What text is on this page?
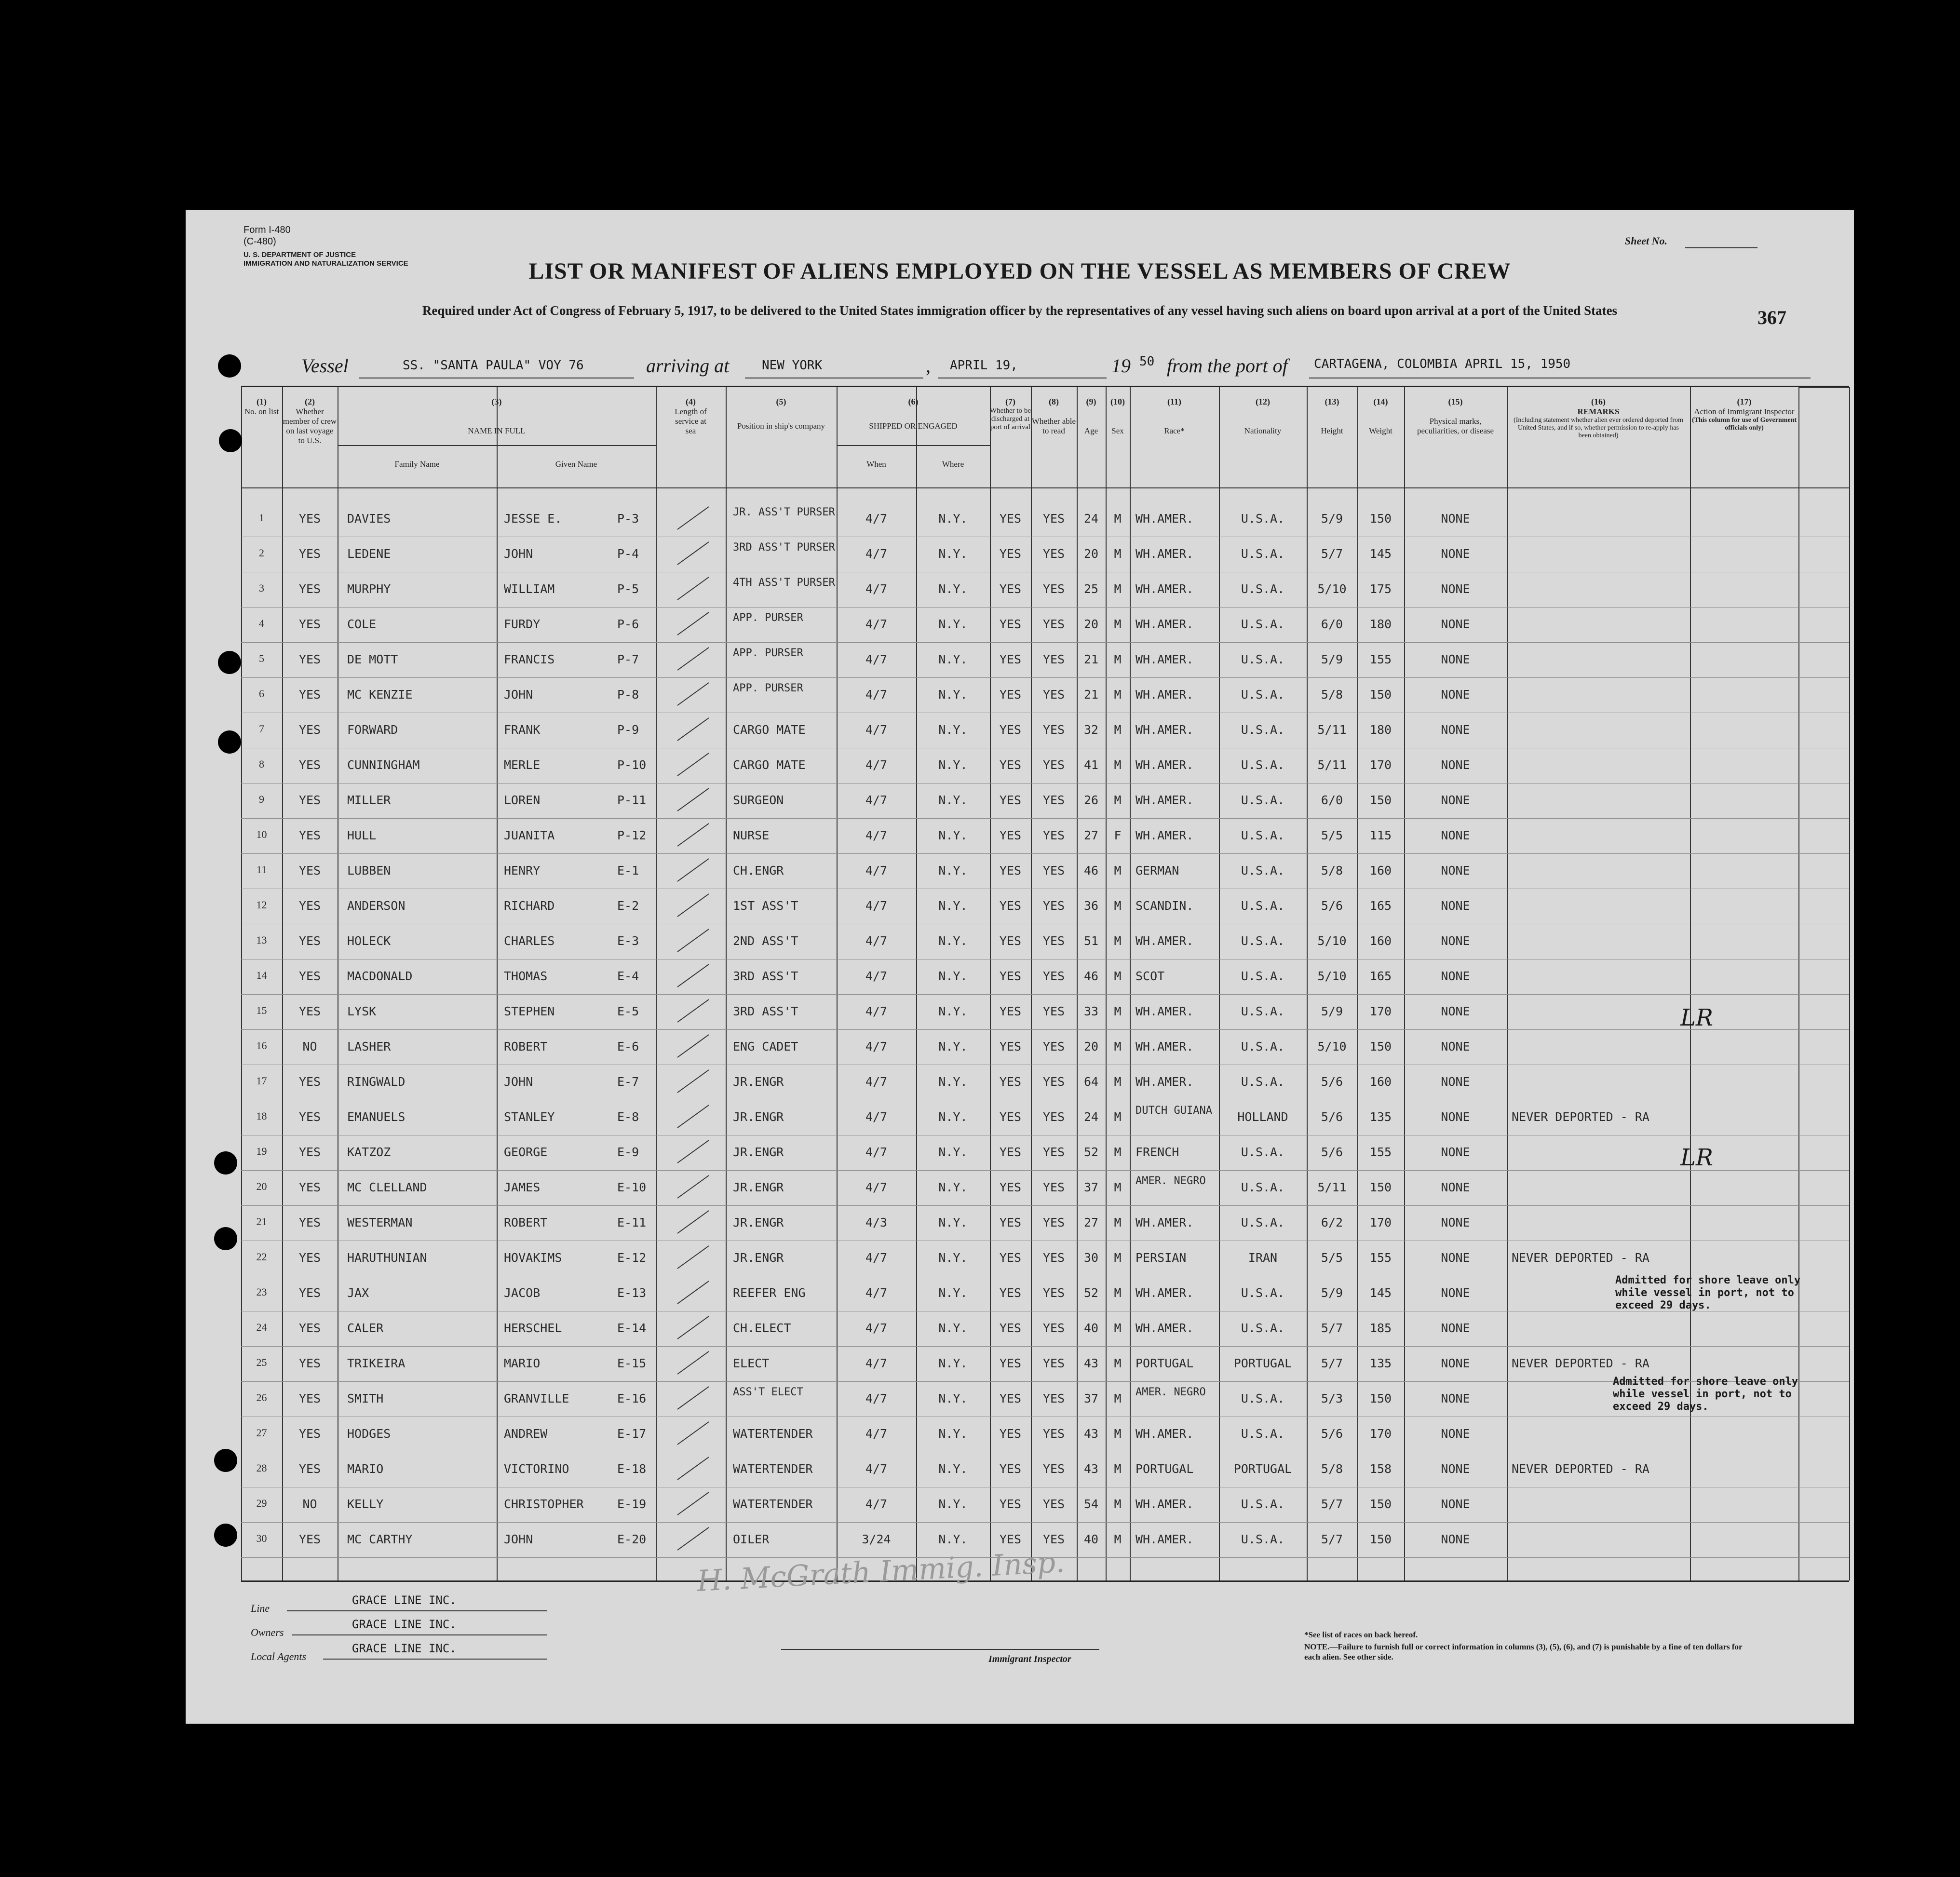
Form I-480
(C-480)
U. S. DEPARTMENT OF JUSTICE
IMMIGRATION AND NATURALIZATION SERVICE
Sheet No.
LIST OR MANIFEST OF ALIENS EMPLOYED ON THE VESSEL AS MEMBERS OF CREW
Required under Act of Congress of February 5, 1917, to be delivered to the United States immigration officer by the representatives of any vessel having such aliens on board upon arrival at a port of the United States	367
Vessel	SS. "SANTA PAULA" VOY 76	arriving at	NEW YORK	, APRIL 19,	19 50 from the port of CARTAGENA, COLOMBIA APRIL 15, 1950
(1)
No. on list
(2)
Whether member of crew on last voyage to U.S.
(3)
NAME IN FULL
Family Name	Given Name
(4)
Length of service at sea
(5)
Position in ship's company
(6)
SHIPPED OR ENGAGED
When	Where
(7)
Whether to be discharged at port of arrival
(8)
Whether able to read
(9)
Age
(10)
Sex
(11)
Race*
(12)
Nationality
(13)
Height
(14)
Weight
(15)
Physical marks, peculiarities, or disease
(16)
REMARKS
(Including statement whether alien ever ordered deported from United States, and if so, whether permission to re-apply has been obtained)
(17)
Action of Immigrant Inspector
(This column for use of Government officials only)
1	YES	DAVIES	JESSE E.	P-3	JR. ASS'T PURSER	4/7	N.Y.	YES	YES	24	M	WH.AMER.	U.S.A.	5/9	150	NONE
2	YES	LEDENE	JOHN	P-4	3RD ASS'T PURSER	4/7	N.Y.	YES	YES	20	M	WH.AMER.	U.S.A.	5/7	145	NONE
3	YES	MURPHY	WILLIAM	P-5	4TH ASS'T PURSER	4/7	N.Y.	YES	YES	25	M	WH.AMER.	U.S.A.	5/10	175	NONE
4	YES	COLE	FURDY	P-6	APP. PURSER	4/7	N.Y.	YES	YES	20	M	WH.AMER.	U.S.A.	6/0	180	NONE
5	YES	DE MOTT	FRANCIS	P-7	APP. PURSER	4/7	N.Y.	YES	YES	21	M	WH.AMER.	U.S.A.	5/9	155	NONE
6	YES	MC KENZIE	JOHN	P-8	APP. PURSER	4/7	N.Y.	YES	YES	21	M	WH.AMER.	U.S.A.	5/8	150	NONE
7	YES	FORWARD	FRANK	P-9	CARGO MATE	4/7	N.Y.	YES	YES	32	M	WH.AMER.	U.S.A.	5/11	180	NONE
8	YES	CUNNINGHAM	MERLE	P-10	CARGO MATE	4/7	N.Y.	YES	YES	41	M	WH.AMER.	U.S.A.	5/11	170	NONE
9	YES	MILLER	LOREN	P-11	SURGEON	4/7	N.Y.	YES	YES	26	M	WH.AMER.	U.S.A.	6/0	150	NONE
10	YES	HULL	JUANITA	P-12	NURSE	4/7	N.Y.	YES	YES	27	F	WH.AMER.	U.S.A.	5/5	115	NONE
11	YES	LUBBEN	HENRY	E-1	CH.ENGR	4/7	N.Y.	YES	YES	46	M	GERMAN	U.S.A.	5/8	160	NONE
12	YES	ANDERSON	RICHARD	E-2	1ST ASS'T	4/7	N.Y.	YES	YES	36	M	SCANDIN.	U.S.A.	5/6	165	NONE
13	YES	HOLECK	CHARLES	E-3	2ND ASS'T	4/7	N.Y.	YES	YES	51	M	WH.AMER.	U.S.A.	5/10	160	NONE
14	YES	MACDONALD	THOMAS	E-4	3RD ASS'T	4/7	N.Y.	YES	YES	46	M	SCOT	U.S.A.	5/10	165	NONE
15	YES	LYSK	STEPHEN	E-5	3RD ASS'T	4/7	N.Y.	YES	YES	33	M	WH.AMER.	U.S.A.	5/9	170	NONE
16	NO	LASHER	ROBERT	E-6	ENG CADET	4/7	N.Y.	YES	YES	20	M	WH.AMER.	U.S.A.	5/10	150	NONE
17	YES	RINGWALD	JOHN	E-7	JR.ENGR	4/7	N.Y.	YES	YES	64	M	WH.AMER.	U.S.A.	5/6	160	NONE
18	YES	EMANUELS	STANLEY	E-8	JR.ENGR	4/7	N.Y.	YES	YES	24	M	DUTCH GUIANA	HOLLAND	5/6	135	NONE	NEVER DEPORTED - RA
19	YES	KATZOZ	GEORGE	E-9	JR.ENGR	4/7	N.Y.	YES	YES	52	M	FRENCH	U.S.A.	5/6	155	NONE
20	YES	MC CLELLAND	JAMES	E-10	JR.ENGR	4/7	N.Y.	YES	YES	37	M	AMER. NEGRO	U.S.A.	5/11	150	NONE
21	YES	WESTERMAN	ROBERT	E-11	JR.ENGR	4/3	N.Y.	YES	YES	27	M	WH.AMER.	U.S.A.	6/2	170	NONE
22	YES	HARUTHUNIAN	HOVAKIMS	E-12	JR.ENGR	4/7	N.Y.	YES	YES	30	M	PERSIAN	IRAN	5/5	155	NONE	NEVER DEPORTED - RA
23	YES	JAX	JACOB	E-13	REEFER ENG	4/7	N.Y.	YES	YES	52	M	WH.AMER.	U.S.A.	5/9	145	NONE
24	YES	CALER	HERSCHEL	E-14	CH.ELECT	4/7	N.Y.	YES	YES	40	M	WH.AMER.	U.S.A.	5/7	185	NONE
25	YES	TRIKEIRA	MARIO	E-15	ELECT	4/7	N.Y.	YES	YES	43	M	PORTUGAL	PORTUGAL	5/7	135	NONE	NEVER DEPORTED - RA
26	YES	SMITH	GRANVILLE	E-16	ASS'T ELECT	4/7	N.Y.	YES	YES	37	M	AMER. NEGRO	U.S.A.	5/3	150	NONE
27	YES	HODGES	ANDREW	E-17	WATERTENDER	4/7	N.Y.	YES	YES	43	M	WH.AMER.	U.S.A.	5/6	170	NONE
28	YES	MARIO	VICTORINO	E-18	WATERTENDER	4/7	N.Y.	YES	YES	43	M	PORTUGAL	PORTUGAL	5/8	158	NONE	NEVER DEPORTED - RA
29	NO	KELLY	CHRISTOPHER	E-19	WATERTENDER	4/7	N.Y.	YES	YES	54	M	WH.AMER.	U.S.A.	5/7	150	NONE
30	YES	MC CARTHY	JOHN	E-20	OILER	3/24	N.Y.	YES	YES	40	M	WH.AMER.	U.S.A.	5/7	150	NONE
Admitted for shore leave only while vessel in port, not to exceed 29 days.
Admitted for shore leave only while vessel in port, not to exceed 29 days.
LR
LR
H. McGrath Immig. Insp.
Line
GRACE LINE INC.
Owners
GRACE LINE INC.
Local Agents
GRACE LINE INC.
Immigrant Inspector
*See list of races on back hereof.
NOTE.—Failure to furnish full or correct information in columns (3), (5), (6), and (7) is punishable by a fine of ten dollars for each alien. See other side.
